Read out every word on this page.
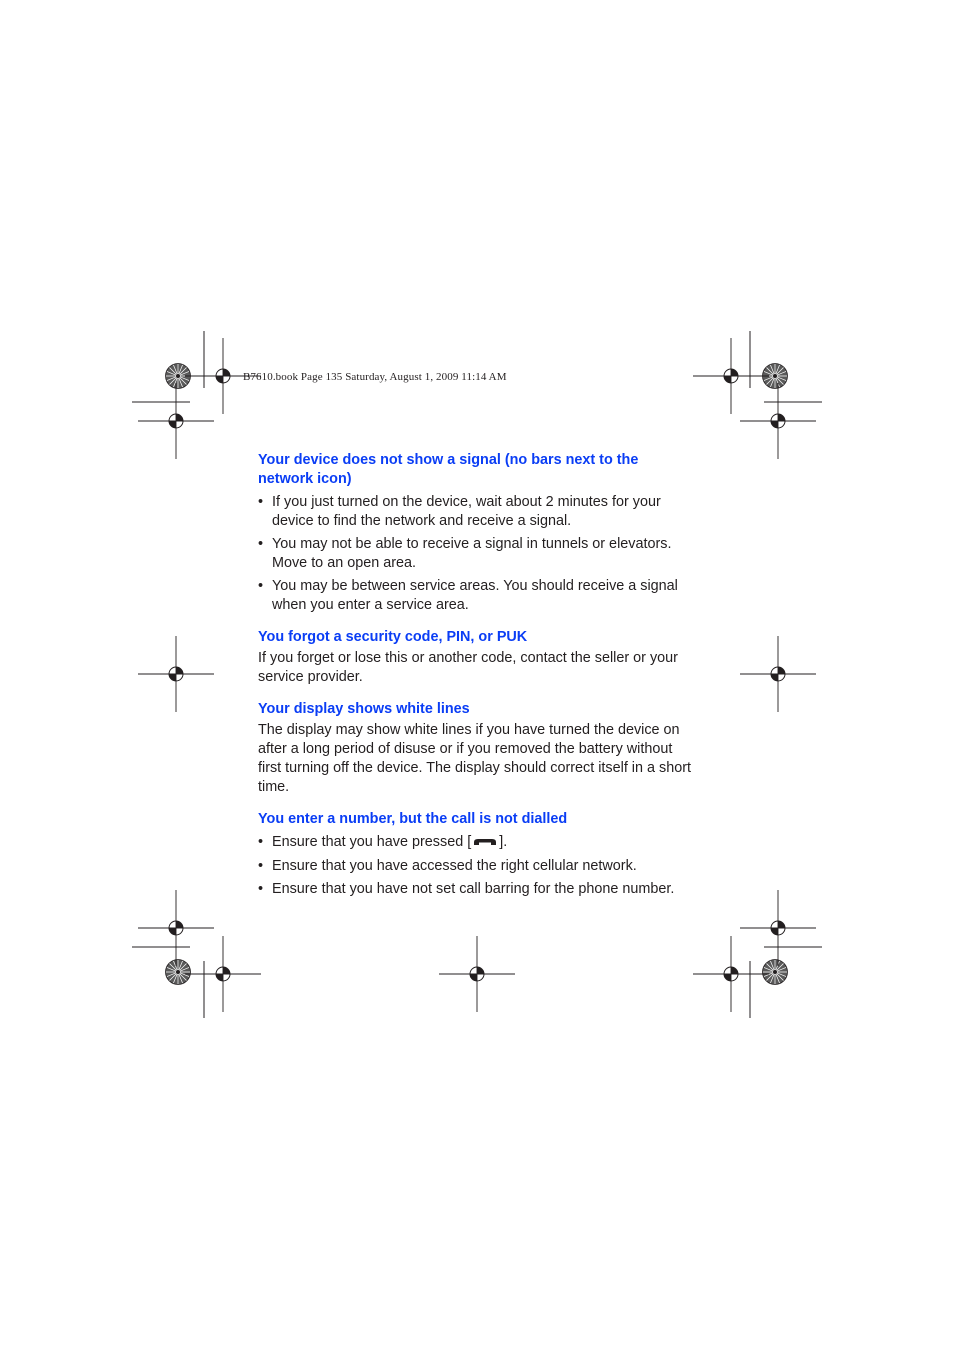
B7610.book Page 135 Saturday, August 1, 2009 11:14 AM
Your device does not show a signal (no bars next to the network icon)
• If you just turned on the device, wait about 2 minutes for your device to find the network and receive a signal.
• You may not be able to receive a signal in tunnels or elevators. Move to an open area.
• You may be between service areas. You should receive a signal when you enter a service area.
You forgot a security code, PIN, or PUK

If you forget or lose this or another code, contact the seller or your service provider.

Your display shows white lines

The display may show white lines if you have turned the device on after a long period of disuse or if you removed the battery without first turning off the device. The display should correct itself in a short time.

You enter a number, but the call is not dialled
• Ensure that you have pressed [ ].
• Ensure that you have accessed the right cellular network.
• Ensure that you have not set call barring for the phone number.
